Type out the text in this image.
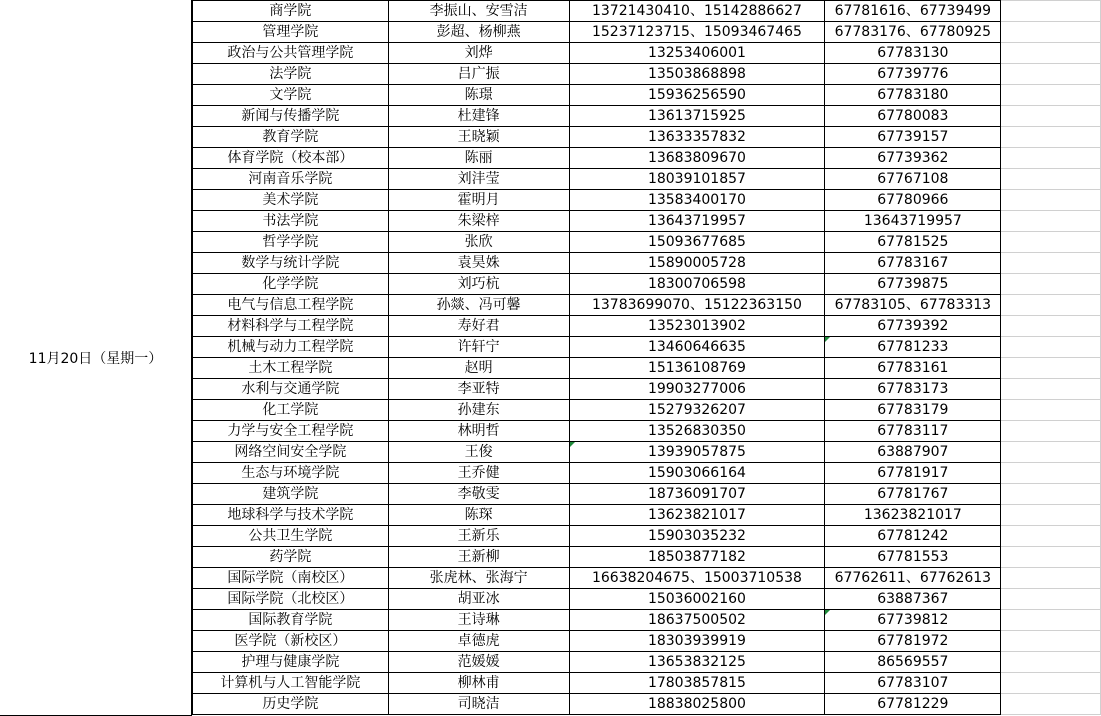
11月20日（星期一）
商学院	李振山、安雪洁	13721430410、15142886627	67781616、67739499	
管理学院	彭超、杨柳燕	15237123715、15093467465	67783176、67780925	
政治与公共管理学院	刘烨	13253406001	67783130	
法学院	吕广振	13503868898	67739776	
文学院	陈璟	15936256590	67783180	
新闻与传播学院	杜建锋	13613715925	67780083	
教育学院	王晓颖	13633357832	67739157	
体育学院（校本部）	陈丽	13683809670	67739362	
河南音乐学院	刘沣莹	18039101857	67767108	
美术学院	霍明月	13583400170	67780966	
书法学院	朱梁梓	13643719957	13643719957	
哲学学院	张欣	15093677685	67781525	
数学与统计学院	袁昊姝	15890005728	67783167	
化学学院	刘巧杭	18300706598	67739875	
电气与信息工程学院	孙燚、冯可馨	13783699070、15122363150	67783105、67783313	
材料科学与工程学院	寿好君	13523013902	67739392	
机械与动力工程学院	许轩宁	13460646635	67781233

土木工程学院	赵明	15136108769	67783161	
水利与交通学院	李亚特	19903277006	67783173	
化工学院	孙建东	15279326207	67783179	
力学与安全工程学院	林明哲	13526830350	67783117	
网络空间安全学院	王俊	13939057875	63887907	
生态与环境学院	王乔健	15903066164	67781917	
建筑学院	李敬雯	18736091707	67781767	
地球科学与技术学院	陈琛	13623821017	13623821017	
公共卫生学院	王新乐	15903035232	67781242	
药学院	王新柳	18503877182	67781553	
国际学院（南校区）	张虎林、张海宁	16638204675、15003710538	67762611、67762613	
国际学院（北校区）	胡亚冰	15036002160	63887367	
国际教育学院	王诗琳	18637500502	67739812

医学院（新校区）	卓德虎	18303939919	67781972	
护理与健康学院	范媛媛	13653832125	86569557	
计算机与人工智能学院	柳林甫	17803857815	67783107	
历史学院	司晓洁	18838025800	67781229	
